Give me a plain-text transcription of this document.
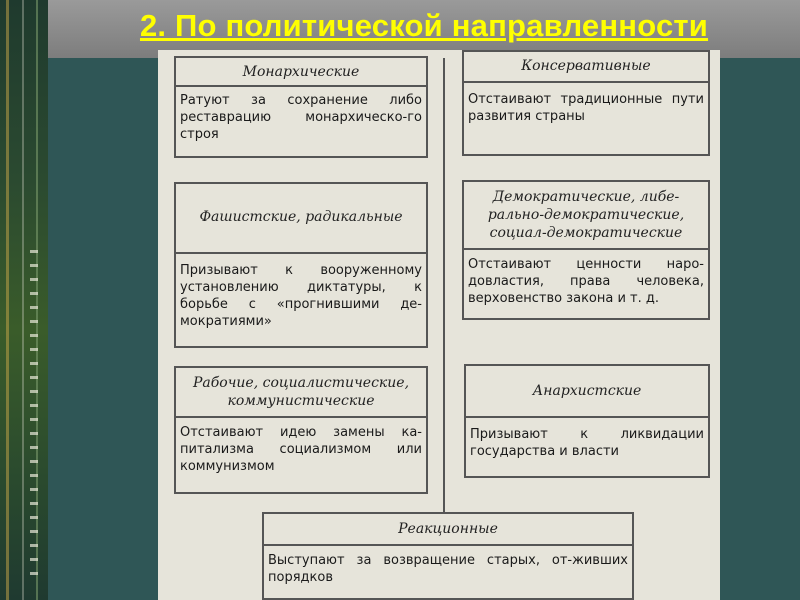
2. По политической направленности
Монархические
Ратуют за сохранение либо реставрацию монархическо-го строя
Консервативные
Отстаивают традиционные пути развития страны
Фашистские, радикальные
Призывают к вооруженному установлению диктатуры, к борьбе с «прогнившими де-мократиями»
Демократические, либе-рально-демократические, социал-демократические
Отстаивают ценности наро-довластия, права человека, верховенство закона и т. д.
Рабочие, социалистические, коммунистические
Отстаивают идею замены ка-питализма социализмом или коммунизмом
Анархистские
Призывают к ликвидации государства и власти
Реакционные
Выступают за возвращение старых, от-живших порядков
